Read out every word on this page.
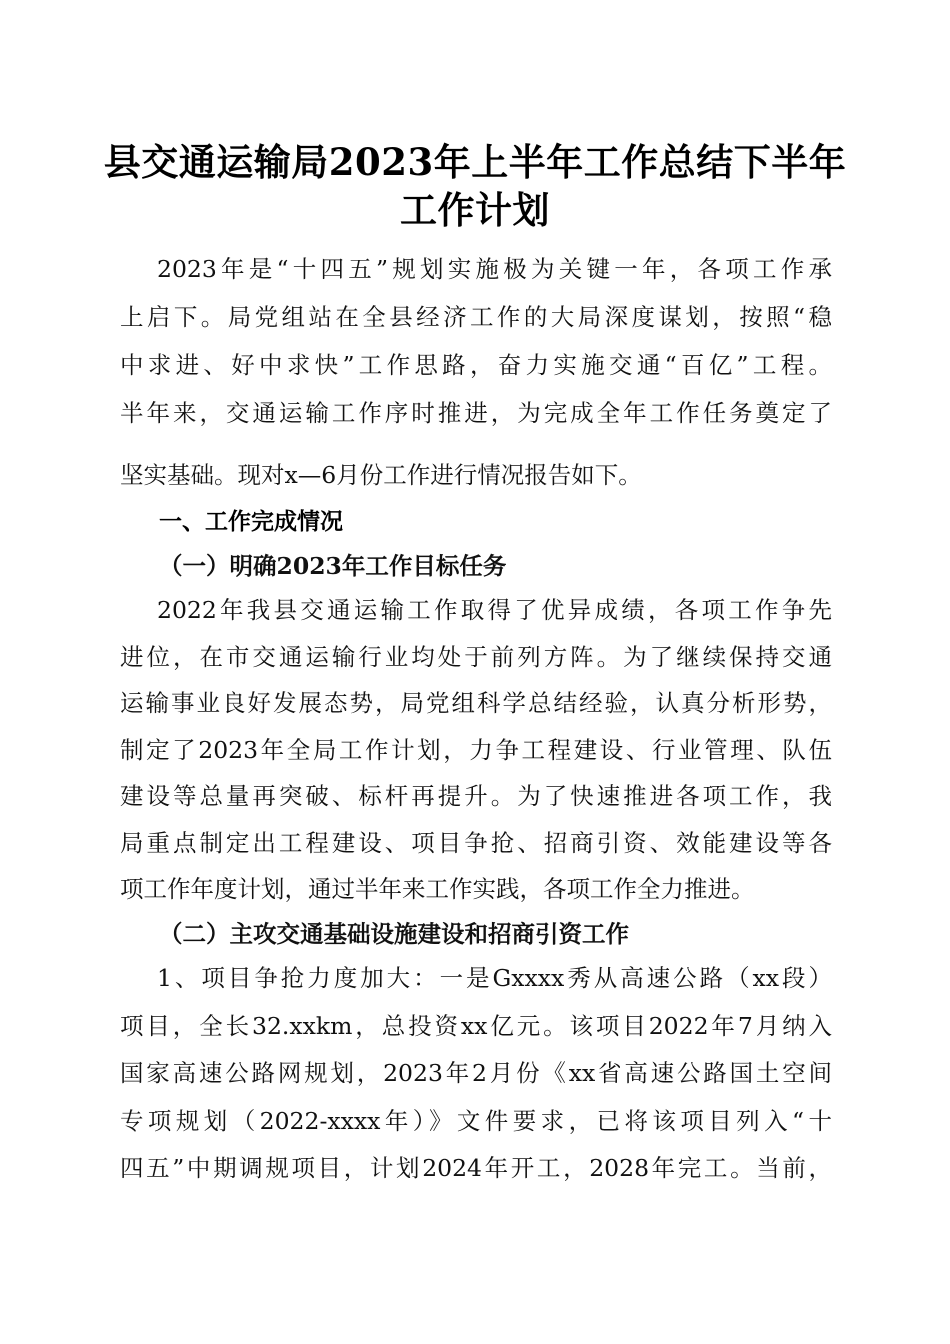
县交通运输局2023年上半年工作总结下半年
工作计划
2023年是“十四五”规划实施极为关键一年，各项工作承
上启下。局党组站在全县经济工作的大局深度谋划，按照“稳
中求进、好中求快”工作思路，奋力实施交通“百亿”工程。
半年来，交通运输工作序时推进，为完成全年工作任务奠定了
坚实基础。现对x—6月份工作进行情况报告如下。
一、工作完成情况
（一）明确2023年工作目标任务
2022年我县交通运输工作取得了优异成绩，各项工作争先
进位，在市交通运输行业均处于前列方阵。为了继续保持交通
运输事业良好发展态势，局党组科学总结经验，认真分析形势，
制定了2023年全局工作计划，力争工程建设、行业管理、队伍
建设等总量再突破、标杆再提升。为了快速推进各项工作，我
局重点制定出工程建设、项目争抢、招商引资、效能建设等各
项工作年度计划，通过半年来工作实践，各项工作全力推进。
（二）主攻交通基础设施建设和招商引资工作
1、项目争抢力度加大：一是Gxxxx秀从高速公路（xx段）
项目，全长32.xxkm，总投资xx亿元。该项目2022年7月纳入
国家高速公路网规划，2023年2月份《xx省高速公路国土空间
专项规划（2022-xxxx年）》文件要求，已将该项目列入“十
四五”中期调规项目，计划2024年开工，2028年完工。当前，
